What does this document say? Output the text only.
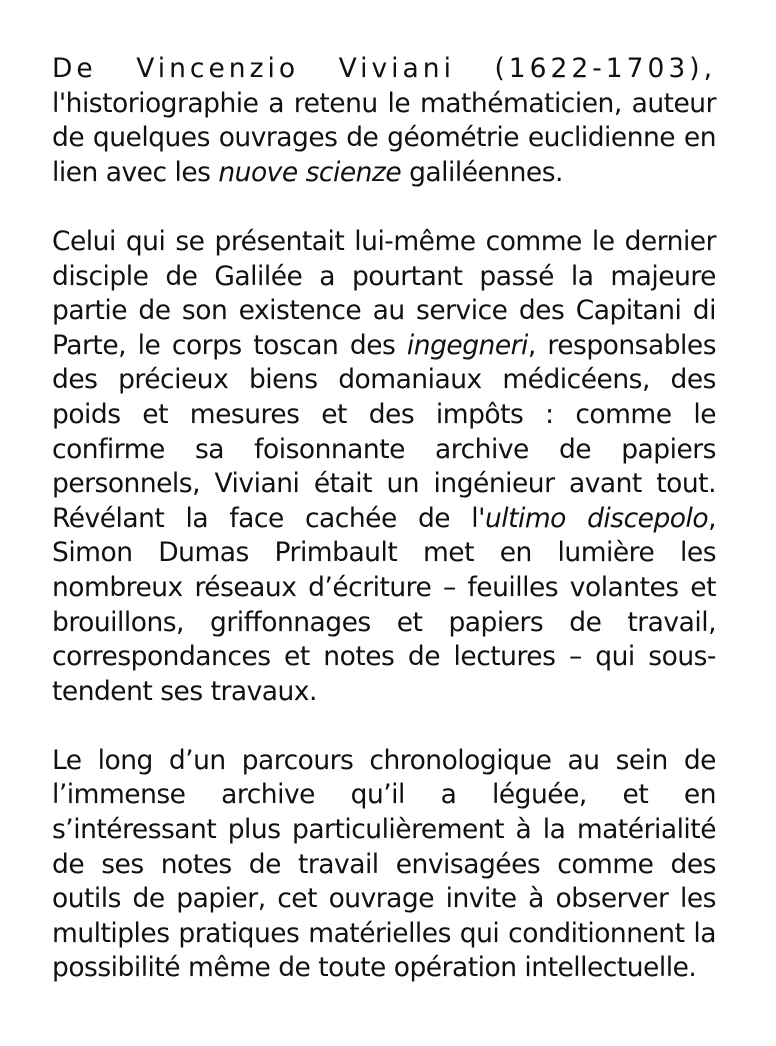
De Vincenzio Viviani (1622-1703),
l'historiographie a retenu le mathématicien, auteur de quelques ouvrages de géométrie euclidienne en lien avec les nuove scienze galiléennes.

Celui qui se présentait lui-même comme le dernier disciple de Galilée a pourtant passé la majeure partie de son existence au service des Capitani di Parte, le corps toscan des ingegneri, responsables des précieux biens domaniaux médicéens, des poids et mesures et des impôts : comme le confirme sa foisonnante archive de papiers personnels, Viviani était un ingénieur avant tout. Révélant la face cachée de l'ultimo discepolo, Simon Dumas Primbault met en lumière les nombreux réseaux d’écriture – feuilles volantes et brouillons, griffonnages et papiers de travail, correspondances et notes de lectures – qui sous-tendent ses travaux.

Le long d’un parcours chronologique au sein de l’immense archive qu’il a léguée, et en s’intéressant plus particulièrement à la matérialité de ses notes de travail envisagées comme des outils de papier, cet ouvrage invite à observer les multiples pratiques matérielles qui conditionnent la possibilité même de toute opération intellectuelle.
